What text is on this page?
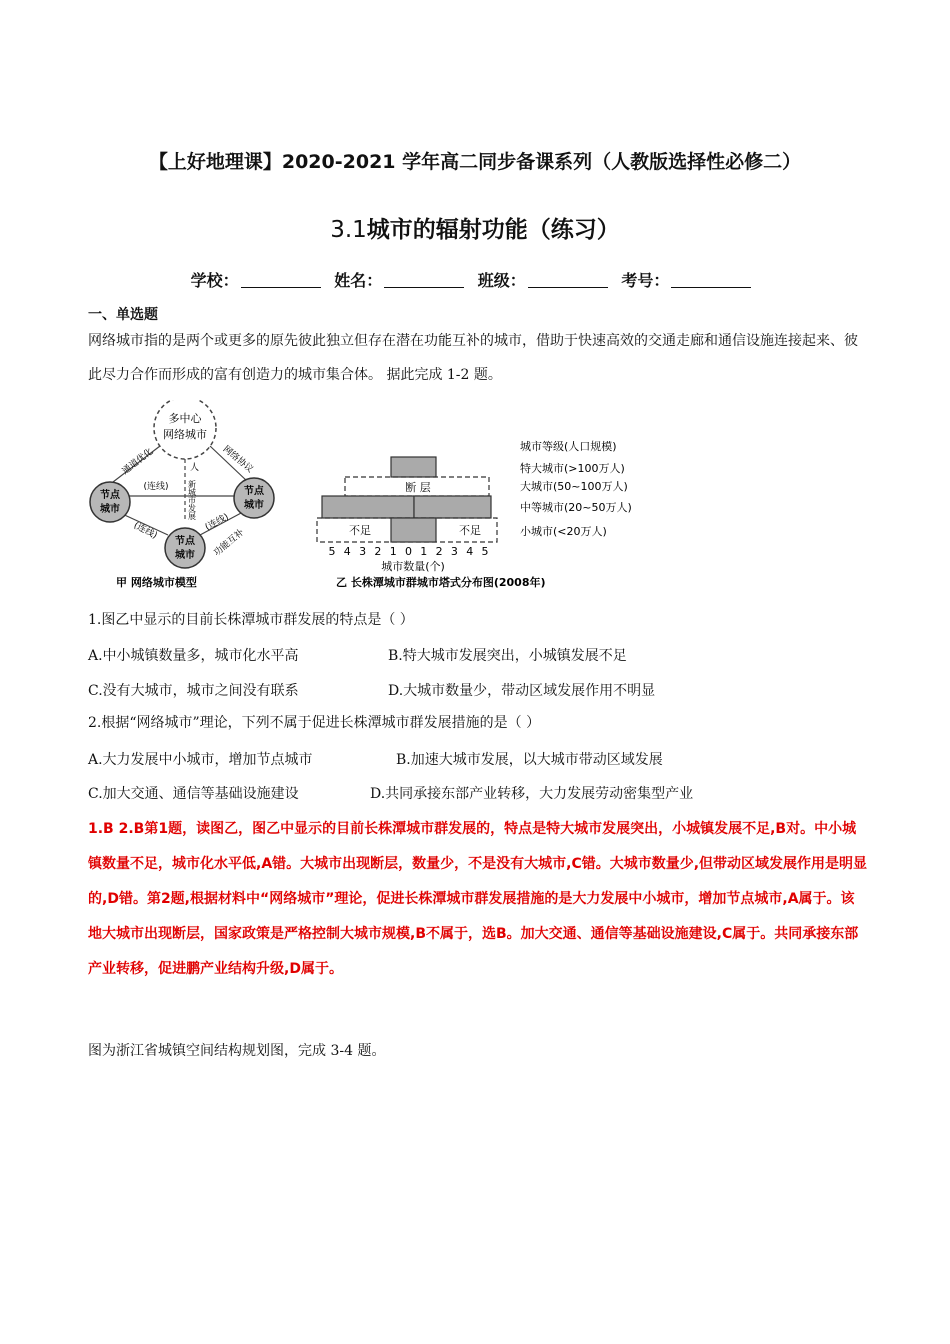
【上好地理课】2020-2021 学年高二同步备课系列（人教版选择性必修二）
3.1城市的辐射功能（练习）
学校：	姓名：	班级：	考号：
一、单选题
网络城市指的是两个或更多的原先彼此独立但存在潜在功能互补的城市，借助于快速高效的交通走廊和通信设施连接起来、彼此尽力合作而形成的富有创造力的城市集合体。 据此完成 1-2 题。
多中心
网络城市
节点
城市
节点
城市
节点
城市
通道优化	网络协议
(连线)
(连线)	(连线)
人
新城市发展
功能互补
甲 网络城市模型
断 层
不足	不足
5 4 3 2 1 0 1 2 3 4 5
城市数量(个)
城市等级(人口规模)
特大城市(>100万人)
大城市(50~100万人)
中等城市(20~50万人)
小城市(<20万人)
乙 长株潭城市群城市塔式分布图(2008年)
1.图乙中显示的目前长株潭城市群发展的特点是（ ）
A.中小城镇数量多，城市化水平高	B.特大城市发展突出，小城镇发展不足
C.没有大城市，城市之间没有联系	D.大城市数量少，带动区域发展作用不明显
2.根据“网络城市”理论，下列不属于促进长株潭城市群发展措施的是（ ）
A.大力发展中小城市，增加节点城市	B.加速大城市发展，以大城市带动区域发展
C.加大交通、通信等基础设施建设	D.共同承接东部产业转移，大力发展劳动密集型产业
1.B 2.B第1题，读图乙，图乙中显示的目前长株潭城市群发展的，特点是特大城市发展突出，小城镇发展不足,B对。中小城镇数量不足，城市化水平低,A错。大城市出现断层，数量少，不是没有大城市,C错。大城市数量少,但带动区域发展作用是明显的,D错。第2题,根据材料中“网络城市”理论，促进长株潭城市群发展措施的是大力发展中小城市，增加节点城市,A属于。该地大城市出现断层，国家政策是严格控制大城市规模,B不属于，选B。加大交通、通信等基础设施建设,C属于。共同承接东部产业转移，促进鹏产业结构升级,D属于。
图为浙江省城镇空间结构规划图，完成 3-4 题。
